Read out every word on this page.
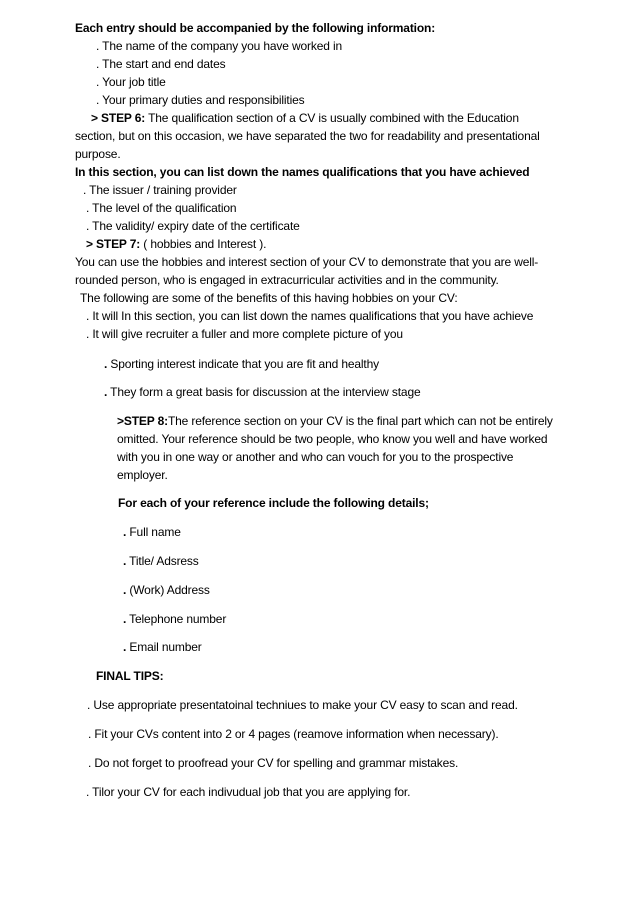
Each entry should be accompanied by the following information:
. The name of the company you have worked in
. The start and end dates
. Your job title
. Your primary duties and responsibilities
> STEP 6: The qualification section of a CV is usually combined with the Education
section, but on this occasion, we have separated the two for readability and presentational
purpose.
In this section, you can list down the names qualifications that you have achieved
. The issuer / training provider
. The level of the qualification
. The validity/ expiry date of the certificate
> STEP 7: ( hobbies and Interest ).
You can use the hobbies and interest section of your CV to demonstrate that you are well-
rounded person, who is engaged in extracurricular activities and in the community.
The following are some of the benefits of this having hobbies on your CV:
. It will In this section, you can list down the names qualifications that you have achieve
. It will give recruiter a fuller and more complete picture of you
. Sporting interest indicate that you are fit and healthy
. They form a great basis for discussion at the interview stage
>STEP 8:The reference section on your CV is the final part which can not be entirely
omitted. Your reference should be two people, who know you well and have worked
with you in one way or another and who can vouch for you to the prospective
employer.
For each of your reference include the following details;
. Full name
. Title/ Adsress
. (Work) Address
. Telephone number
. Email number
FINAL TIPS:
. Use appropriate presentatoinal techniues to make your CV easy to scan and read.
. Fit your CVs content into 2 or 4 pages (reamove information when necessary).
. Do not forget to proofread your CV for spelling and grammar mistakes.
. Tilor your CV for each indivudual job that you are applying for.
